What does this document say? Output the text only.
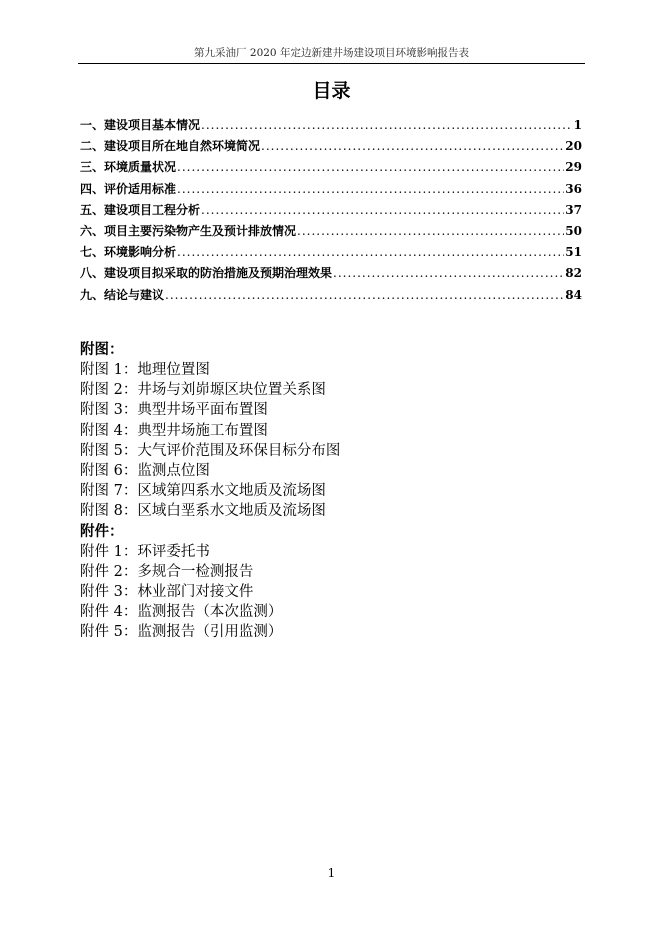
第九采油厂 2020 年定边新建井场建设项目环境影响报告表
目录
一、建设项目基本情况 .....	1
二、建设项目所在地自然环境简况 .....	20
三、环境质量状况 .....	29
四、评价适用标准 .....	36
五、建设项目工程分析 .....	37
六、项目主要污染物产生及预计排放情况 .....	50
七、环境影响分析 .....	51
八、建设项目拟采取的防治措施及预期治理效果 .....	82
九、结论与建议 .....	84
附图：
附图 1：地理位置图
附图 2：井场与刘峁塬区块位置关系图
附图 3：典型井场平面布置图
附图 4：典型井场施工布置图
附图 5：大气评价范围及环保目标分布图
附图 6：监测点位图
附图 7：区域第四系水文地质及流场图
附图 8：区域白垩系水文地质及流场图
附件：
附件 1：环评委托书
附件 2：多规合一检测报告
附件 3：林业部门对接文件
附件 4：监测报告（本次监测）
附件 5：监测报告（引用监测）
1
